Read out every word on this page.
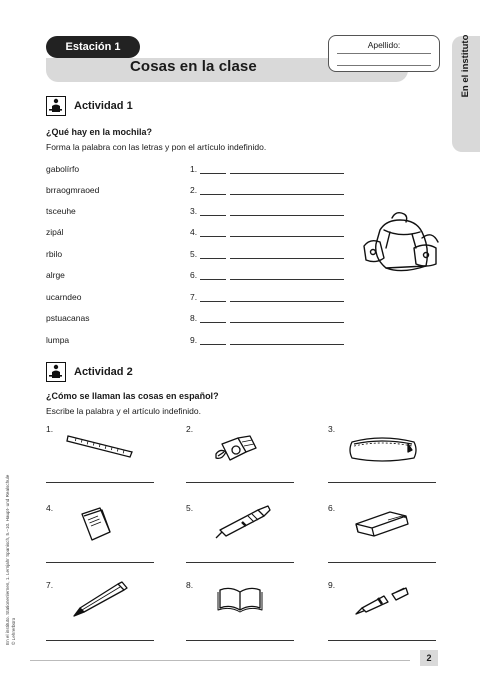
Estación 1
Cosas en la clase
Apellido:	En el instituto
Actividad 1
¿Qué hay en la mochila?
Forma la palabra con las letras y pon el artículo indefinido.
gabolírfo	1.
brraogmraoed	2.
tsceuhe	3.
zipál	4.
rbilo	5.
alrge	6.
ucarndeo	7.
pstuacanas	8.
lumpa	9.
Actividad 2
¿Cómo se llaman las cosas en español?
Escribe la palabra y el artículo indefinido.
1.	2.	3.
4.	5.	6.
7.	8.	9.
En el instituto. Stationenlernen, 1. Lernjahr Spanisch, 5.–10. Haupt- und Realschule © Lehrerbüro
2
